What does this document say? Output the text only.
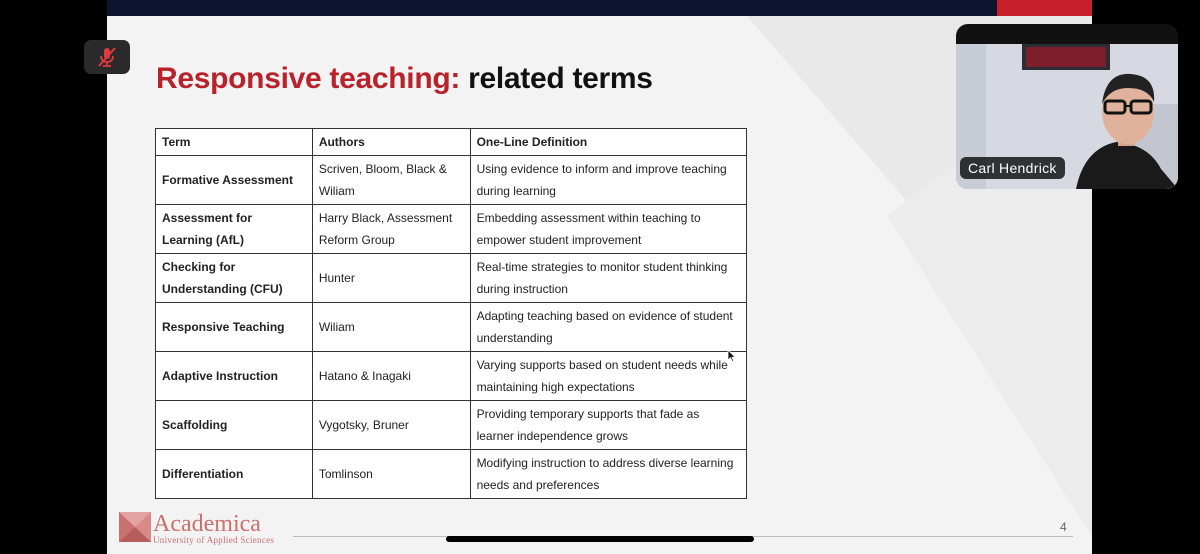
Responsive teaching: related terms
Term	Authors	One-Line Definition
Formative Assessment	Scriven, Bloom, Black & Wiliam	Using evidence to inform and improve teaching during learning
Assessment for Learning (AfL)	Harry Black, Assessment Reform Group	Embedding assessment within teaching to empower student improvement
Checking for Understanding (CFU)	Hunter	Real-time strategies to monitor student thinking during instruction
Responsive Teaching	Wiliam	Adapting teaching based on evidence of student understanding
Adaptive Instruction	Hatano & Inagaki	Varying supports based on student needs while maintaining high expectations
Scaffolding	Vygotsky, Bruner	Providing temporary supports that fade as learner independence grows
Differentiation	Tomlinson	Modifying instruction to address diverse learning needs and preferences
Academica
University of Applied Sciences
4
Carl Hendrick
